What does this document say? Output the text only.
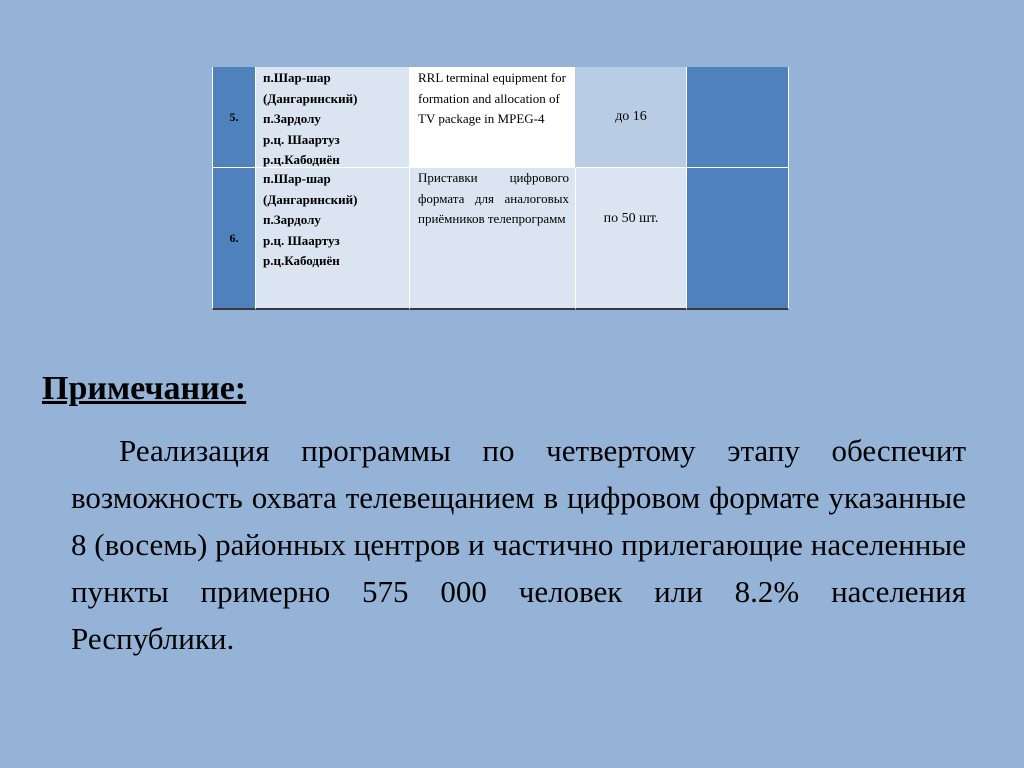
5.
п.Шар-шар
(Дангаринский)
п.Зардолу
р.ц. Шаартуз
р.ц.Кабодиён
RRL terminal equipment for formation and allocation of TV package in MPEG-4	до 16
6.
п.Шар-шар
(Дангаринский)
п.Зардолу
р.ц. Шаартуз
р.ц.Кабодиён
Приставки цифрового формата для аналоговых приёмников телепрограмм	по 50 шт.

Примечание:

Реализация программы по четвертому этапу обеспечит возможность охвата телевещанием в цифровом формате указанные 8 (восемь) районных центров и частично прилегающие населенные пункты примерно 575 000 человек или 8.2% населения Республики.
